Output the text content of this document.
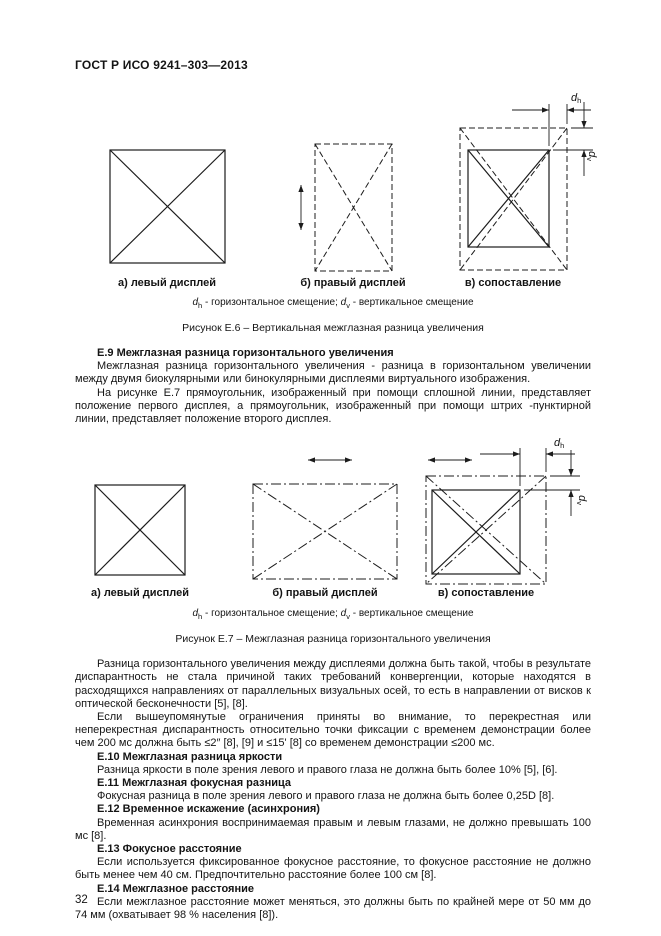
ГОСТ Р ИСО 9241–303—2013
dh
dv
а) левый дисплей	б) правый дисплей	в) сопоставление
$d_h$ - горизонтальное смещение; $d_v$ - вертикальное смещение
Рисунок Е.6 – Вертикальная межглазная разница увеличения
Е.9 Межглазная разница горизонтального увеличения

Межглазная разница горизонтального увеличения - разница в горизонтальном увеличении между двумя биокулярными или бинокулярными дисплеями виртуального изображения.

На рисунке Е.7 прямоугольник, изображенный при помощи сплошной линии, представляет положение первого дисплея, а прямоугольник, изображенный при помощи штрих -пунктирной линии, представляет положение второго дисплея.

dh
dv
а) левый дисплей	б) правый дисплей	в) сопоставление
$d_h$ - горизонтальное смещение; $d_v$ - вертикальное смещение
Рисунок Е.7 – Межглазная разница горизонтального увеличения

Разница горизонтального увеличения между дисплеями должна быть такой, чтобы в результате диспарантность не стала причиной таких требований конвергенции, которые находятся в расходящихся направлениях от параллельных визуальных осей, то есть в направлении от висков к оптической бесконечности [5], [8].

Если вышеупомянутые ограничения приняты во внимание, то перекрестная или неперекрестная диспарантность относительно точки фиксации с временем демонстрации более чем 200 мс должна быть ≤2″ [8], [9] и ≤15' [8] со временем демонстрации ≤200 мс.

Е.10 Межглазная разница яркости

Разница яркости в поле зрения левого и правого глаза не должна быть более 10% [5], [6].

Е.11 Межглазная фокусная разница

Фокусная разница в поле зрения левого и правого глаза не должна быть более 0,25D [8].

Е.12 Временное искажение (асинхрония)

Временная асинхрония воспринимаемая правым и левым глазами, не должно превышать 100 мс [8].

Е.13 Фокусное расстояние

Если используется фиксированное фокусное расстояние, то фокусное расстояние не должно быть менее чем 40 см. Предпочтительно расстояние более 100 см [8].

Е.14 Межглазное расстояние

Если межглазное расстояние может меняться, это должны быть по крайней мере от 50 мм до 74 мм (охватывает 98 % населения [8]).

32
